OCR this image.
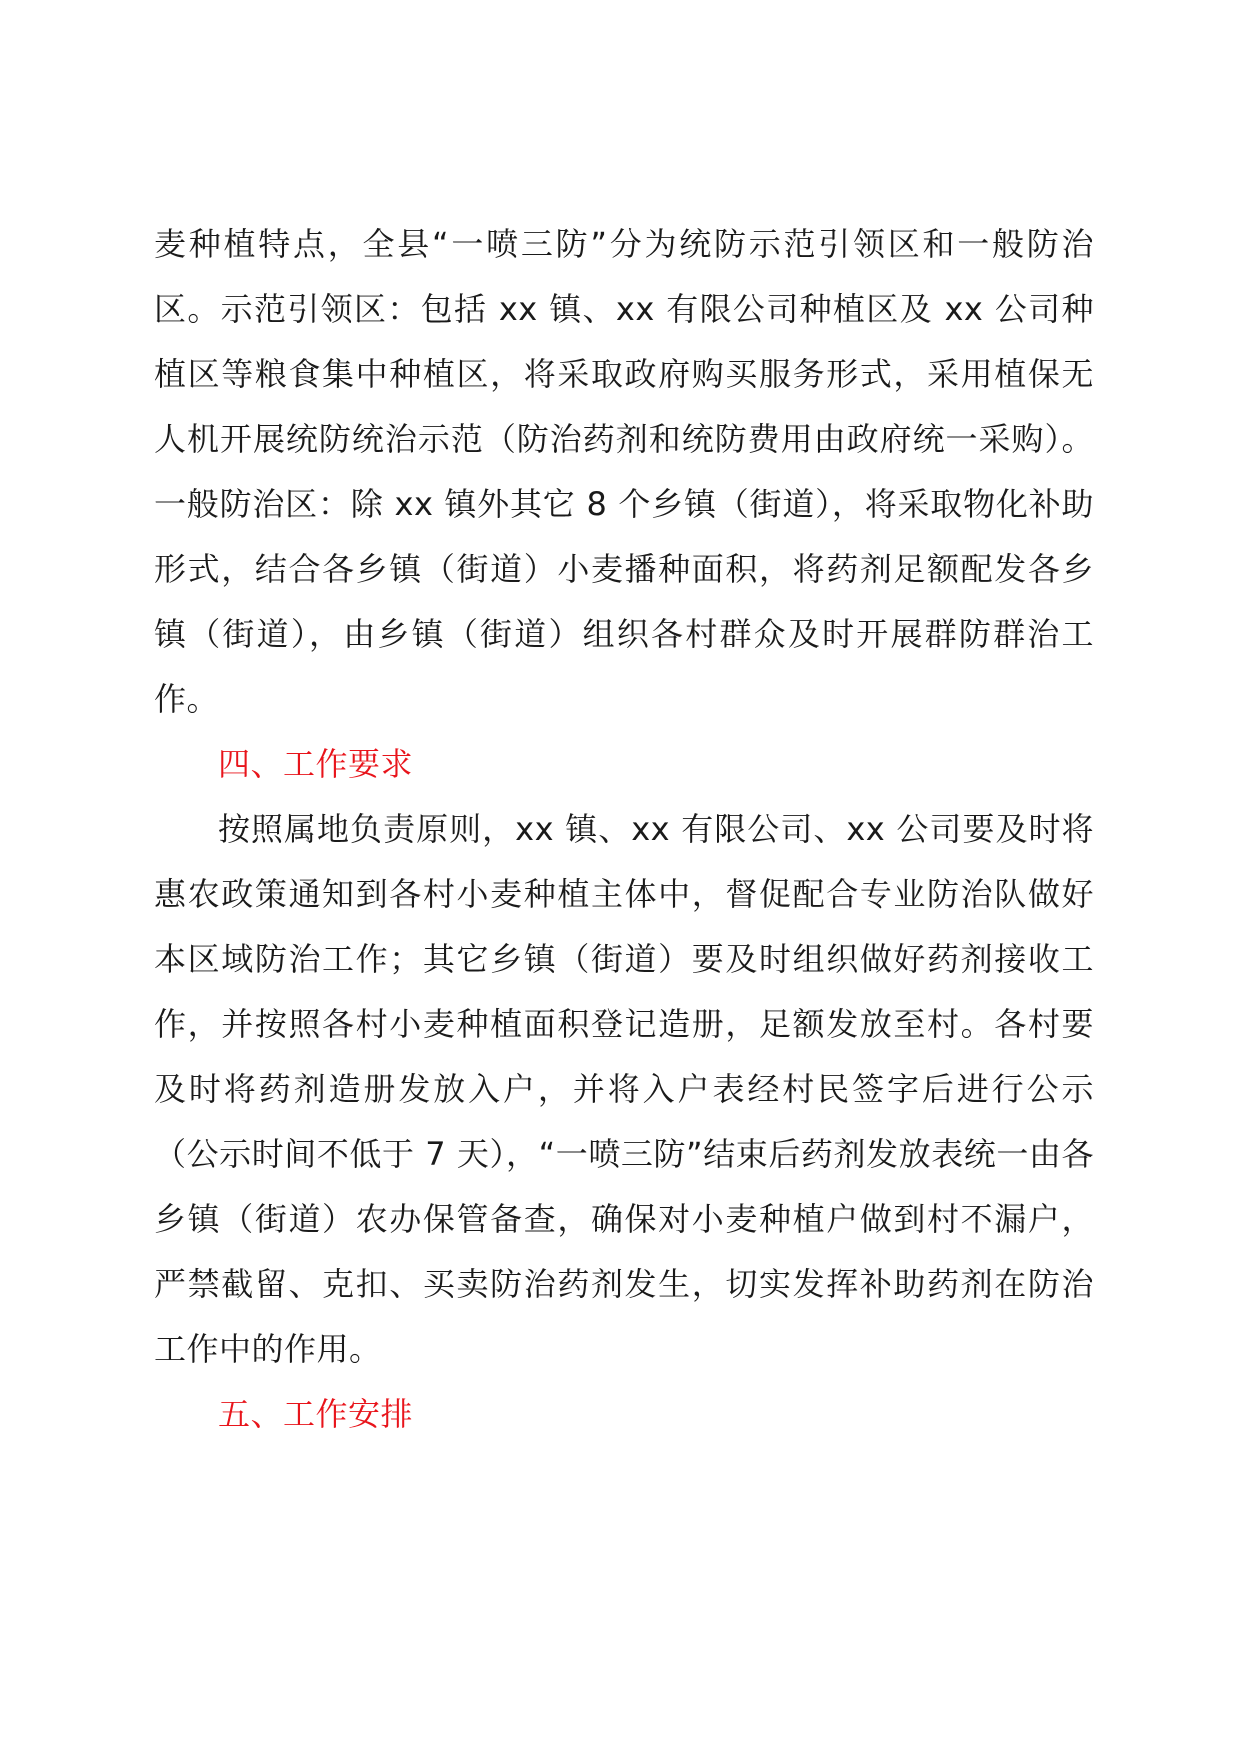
麦种植特点，全县“一喷三防”分为统防示范引领区和一般防治区。示范引领区：包括 xx 镇、xx 有限公司种植区及 xx 公司种植区等粮食集中种植区，将采取政府购买服务形式，采用植保无人机开展统防统治示范（防治药剂和统防费用由政府统一采购）。一般防治区：除 xx 镇外其它 8 个乡镇（街道），将采取物化补助形式，结合各乡镇（街道）小麦播种面积，将药剂足额配发各乡镇（街道），由乡镇（街道）组织各村群众及时开展群防群治工作。

四、工作要求

按照属地负责原则，xx 镇、xx 有限公司、xx 公司要及时将惠农政策通知到各村小麦种植主体中，督促配合专业防治队做好本区域防治工作；其它乡镇（街道）要及时组织做好药剂接收工作，并按照各村小麦种植面积登记造册，足额发放至村。各村要及时将药剂造册发放入户，并将入户表经村民签字后进行公示（公示时间不低于 7 天），“一喷三防”结束后药剂发放表统一由各乡镇（街道）农办保管备查，确保对小麦种植户做到村不漏户，严禁截留、克扣、买卖防治药剂发生，切实发挥补助药剂在防治工作中的作用。

五、工作安排
